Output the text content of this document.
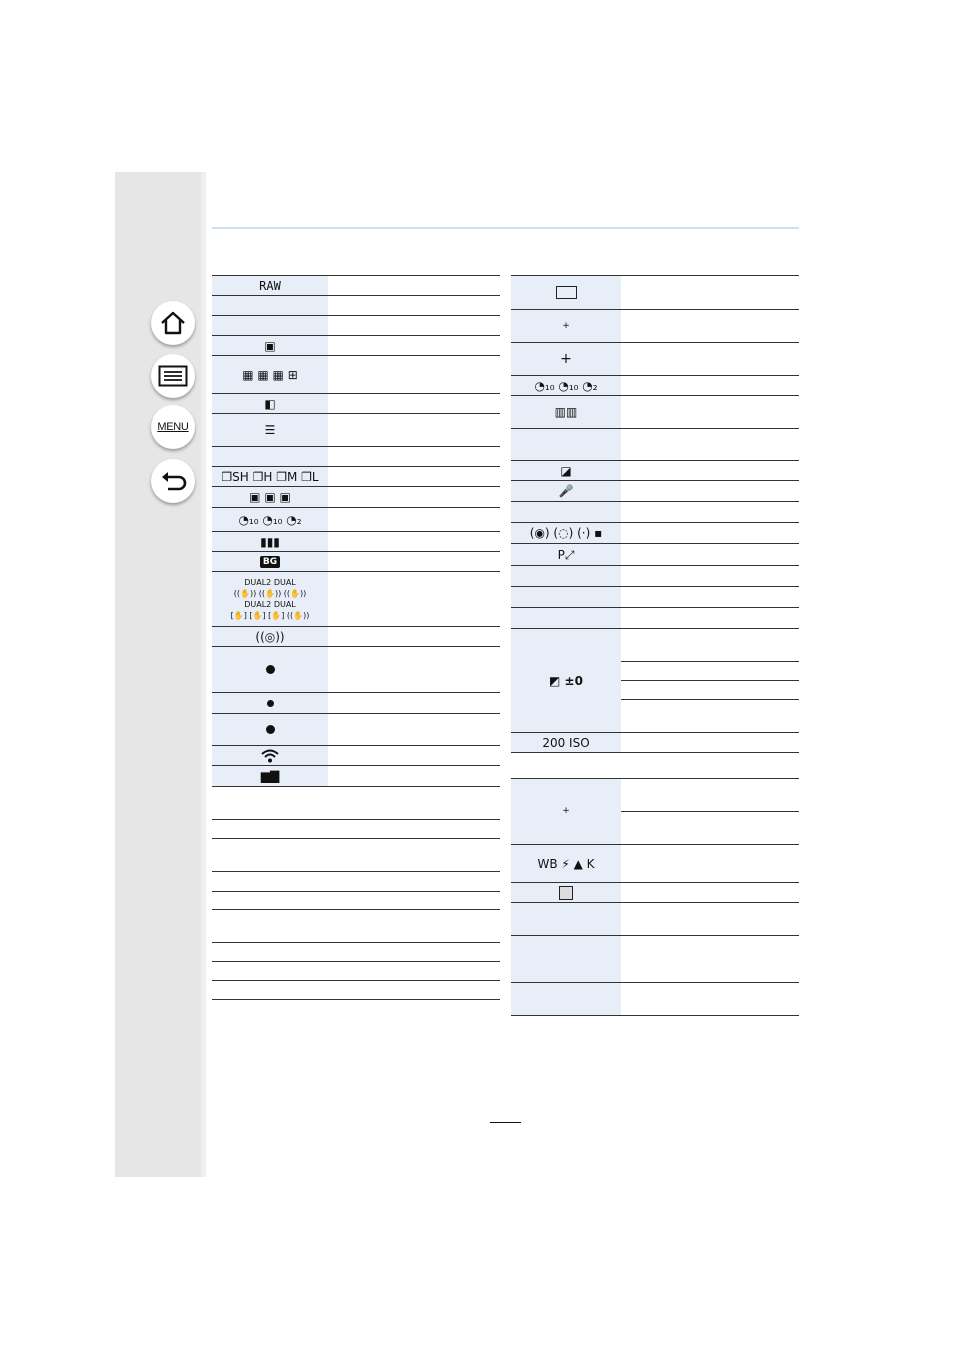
MENU
RAW
▣
▦ ▦ ▦ ⊞
◧
☰
❐SH ❐H ❐M ❐L
▣ ▣ ▣
◔₁₀ ◔₁₀ ◔₂
▮▮▮
BG
DUAL2 DUAL
((✋)) ((✋)) ((✋))
DUAL2 DUAL
[✋] [✋] [✋] ((✋))
((◎))
▆▇
+
+
◔₁₀ ◔₁₀ ◔₂
▥▥
◪
🎤
(◉) (◌) (·) ▪
P⤢
◩ ±0
200 ISO
+
WB ⚡ ▲ K
